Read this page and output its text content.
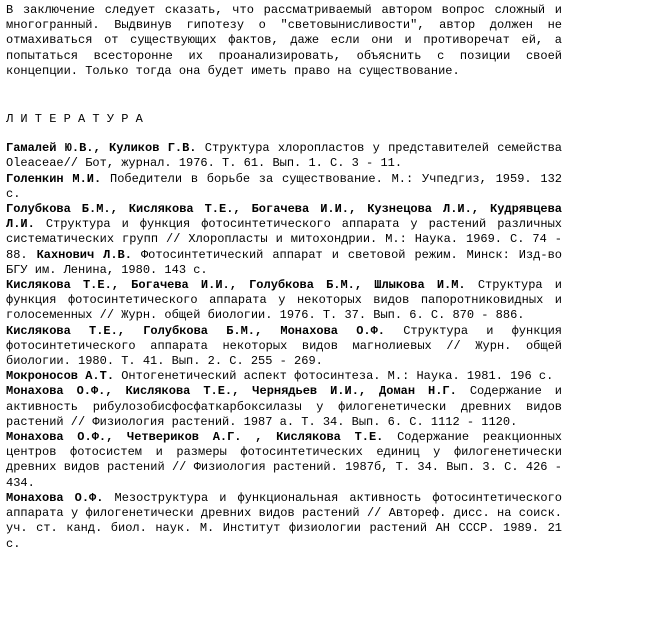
В заключение следует сказать, что рассматриваемый автором вопрос сложный и многогранный. Выдвинув гипотезу о "световынисливости", автор должен не отмахиваться от существующих фактов, даже если они и противоречат ей, а попытаться всесторонне их проанализировать, объяснить с позиции своей концепции. Только тогда она будет иметь право на существование.

Л И Т Е Р А Т У Р А

Гамалей Ю.В., Куликов Г.В. Структура хлоропластов у представителей семейства Oleaceae// Бот, журнал. 1976. Т. 61. Вып. 1. С. 3 - 11.

Голенкин М.И. Победители в борьбе за существование. М.: Учпедгиз, 1959. 132 с.

Голубкова Б.М., Кислякова Т.Е., Богачева И.И., Кузнецова Л.И., Кудрявцева Л.И. Структура и функция фотосинтетического аппарата у растений различных систематических групп // Хлоропласты и митохондрии. М.: Наука. 1969. С. 74 - 88. Кахнович Л.В. Фотосинтетический аппарат и световой режим. Минск: Изд-во БГУ им. Ленина, 1980. 143 с.

Кислякова Т.Е., Богачева И.И., Голубкова Б.М., Шлыкова И.М. Структура и функция фотосинтетического аппарата у некоторых видов папоротниковидных и голосеменных // Журн. общей биологии. 1976. Т. 37. Вып. 6. С. 870 - 886.

Кислякова Т.Е., Голубкова Б.М., Монахова О.Ф. Структура и функция фотосинтетического аппарата некоторых видов магнолиевых // Журн. общей биологии. 1980. Т. 41. Вып. 2. С. 255 - 269.

Мокроносов А.Т. Онтогенетический аспект фотосинтеза. М.: Наука. 1981. 196 с.

Монахова О.Ф., Кислякова Т.Е., Чернядьев И.И., Доман Н.Г. Содержание и активность рибулозобисфосфаткарбоксилазы у филогенетически древних видов растений // Физиология растений. 1987 а. Т. 34. Вып. 6. С. 1112 - 1120.

Монахова О.Ф., Четвериков А.Г. , Кислякова Т.Е. Содержание реакционных центров фотосистем и размеры фотосинтетических единиц у филогенетически древних видов растений // Физиология растений. 1987б, Т. 34. Вып. 3. С. 426 - 434.

Монахова О.Ф. Мезоструктура и функциональная активность фотосинтетического аппарата у филогенетически древних видов растений // Автореф. дисс. на соиск. уч. ст. канд. биол. наук. М. Институт физиологии растений АН СССР. 1989. 21 с.
